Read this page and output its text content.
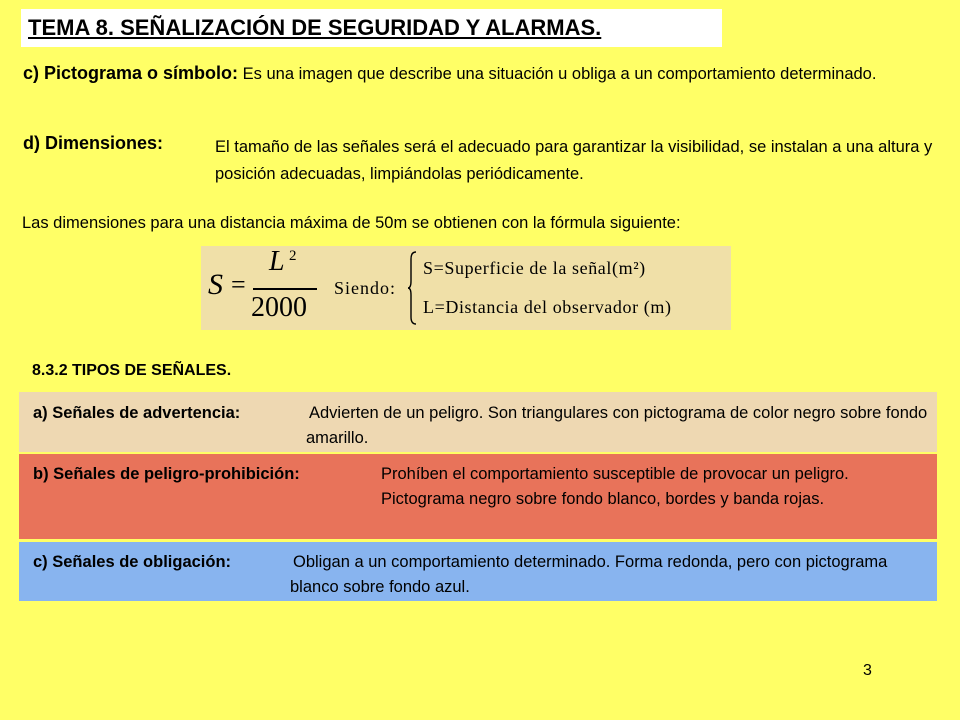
TEMA 8. SEÑALIZACIÓN DE SEGURIDAD Y ALARMAS.
c) Pictograma o símbolo: Es una imagen que describe una situación u obliga a un comportamiento determinado.
d) Dimensiones:	El tamaño de las señales será el adecuado para garantizar la visibilidad, se instalan a una altura y posición adecuadas, limpiándolas periódicamente.
Las dimensiones para una distancia máxima de 50m se obtienen con la fórmula siguiente:
S =
L 2
2000
Siendo:
S=Superficie de la señal(m²)
L=Distancia del observador (m)
8.3.2 TIPOS DE SEÑALES.
a) Señales de advertencia:	Advierten de un peligro. Son triangulares con pictograma de color negro sobre fondo amarillo.
b) Señales de peligro-prohibición:	Prohíben el comportamiento susceptible de provocar un peligro. Pictograma negro sobre fondo blanco, bordes y banda rojas.
c) Señales de obligación:	Obligan a un comportamiento determinado. Forma redonda, pero con pictograma blanco sobre fondo azul.
3
